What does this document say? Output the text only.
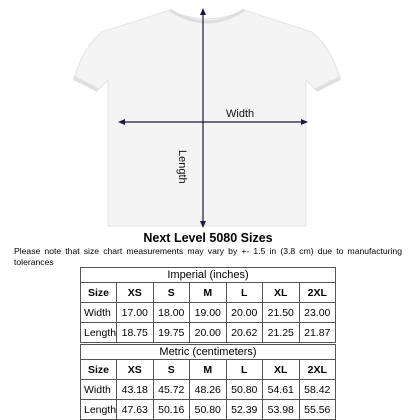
Width
Length
Next Level 5080 Sizes
Please note that size chart measurements may vary by +- 1.5 in (3.8 cm) due to manufacturing tolerances
Imperial (inches)
Size	XS	S	M	L	XL	2XL
Width	17.00	18.00	19.00	20.00	21.50	23.00
Length	18.75	19.75	20.00	20.62	21.25	21.87
Metric (centimeters)
Size	XS	S	M	L	XL	2XL
Width	43.18	45.72	48.26	50.80	54.61	58.42
Length	47.63	50.16	50.80	52.39	53.98	55.56
